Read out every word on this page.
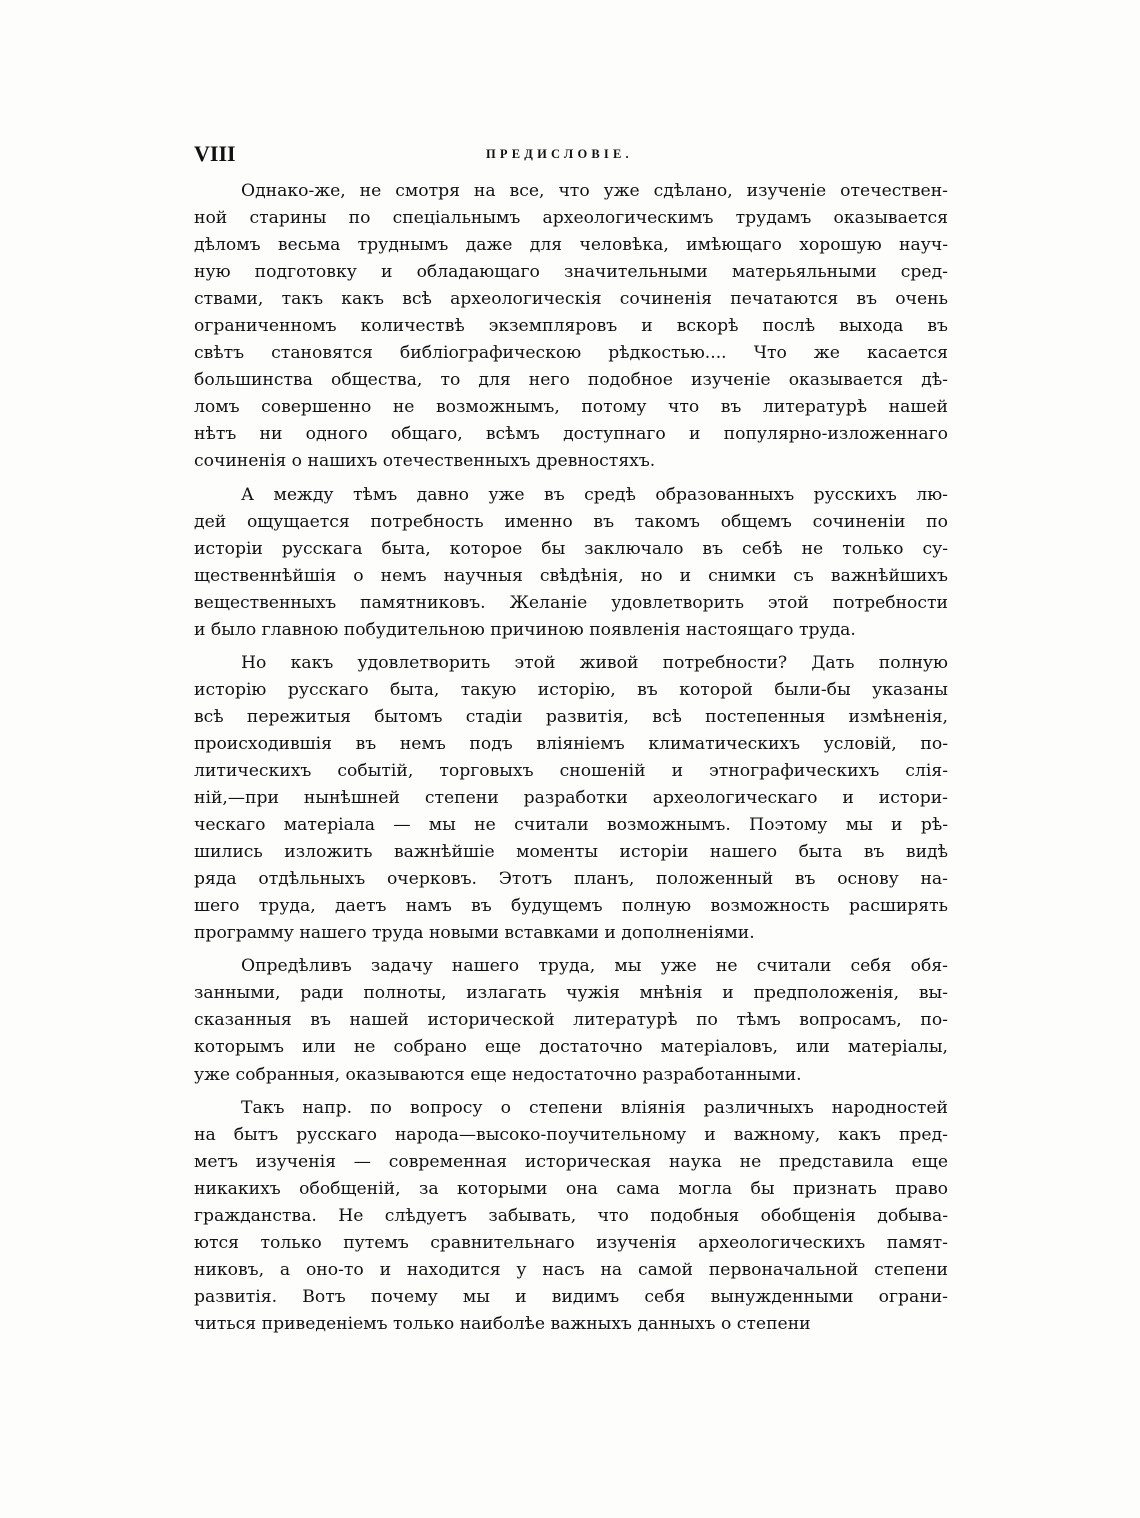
VIII	ПРЕДИСЛОВІЕ.
Однако-же, не смотря на все, что уже сдѣлано, изученіе отечествен-
ной старины по спеціальнымъ археологическимъ трудамъ оказывается
дѣломъ весьма труднымъ даже для человѣка, имѣющаго хорошую науч-
ную подготовку и обладающаго значительными матерьяльными сред-
ствами, такъ какъ всѣ археологическія сочиненія печатаются въ очень
ограниченномъ количествѣ экземпляровъ и вскорѣ послѣ выхода въ
свѣтъ становятся библіографическою рѣдкостью.... Что же касается
большинства общества, то для него подобное изученіе оказывается дѣ-
ломъ совершенно не возможнымъ, потому что въ литературѣ нашей
нѣтъ ни одного общаго, всѣмъ доступнаго и популярно-изложеннаго
сочиненія о нашихъ отечественныхъ древностяхъ.
А между тѣмъ давно уже въ средѣ образованныхъ русскихъ лю-
дей ощущается потребность именно въ такомъ общемъ сочиненіи по
исторіи русскага быта, которое бы заключало въ себѣ не только су-
щественнѣйшія о немъ научныя свѣдѣнія, но и снимки съ важнѣйшихъ
вещественныхъ памятниковъ. Желаніе удовлетворить этой потребности
и было главною побудительною причиною появленія настоящаго труда.
Но какъ удовлетворить этой живой потребности? Дать полную
исторію русскаго быта, такую исторію, въ которой были-бы указаны
всѣ пережитыя бытомъ стадіи развитія, всѣ постепенныя измѣненія,
происходившія въ немъ подъ вліяніемъ климатическихъ условій, по-
литическихъ событій, торговыхъ сношеній и этнографическихъ слія-
ній,—при нынѣшней степени разработки археологическаго и истори-
ческаго матеріала — мы не считали возможнымъ. Поэтому мы и рѣ-
шились изложить важнѣйшіе моменты исторіи нашего быта въ видѣ
ряда отдѣльныхъ очерковъ. Этотъ планъ, положенный въ основу на-
шего труда, даетъ намъ въ будущемъ полную возможность расширять
программу нашего труда новыми вставками и дополненіями.
Опредѣливъ задачу нашего труда, мы уже не считали себя обя-
занными, ради полноты, излагать чужія мнѣнія и предположенія, вы-
сказанныя въ нашей исторической литературѣ по тѣмъ вопросамъ, по-
которымъ или не собрано еще достаточно матеріаловъ, или матеріалы,
уже собранныя, оказываются еще недостаточно разработанными.
Такъ напр. по вопросу о степени вліянія различныхъ народностей
на бытъ русскаго народа—высоко-поучительному и важному, какъ пред-
метъ изученія — современная историческая наука не представила еще
никакихъ обобщеній, за которыми она сама могла бы признать право
гражданства. Не слѣдуетъ забывать, что подобныя обобщенія добыва-
ются только путемъ сравнительнаго изученія археологическихъ памят-
никовъ, а оно-то и находится у насъ на самой первоначальной степени
развитія. Вотъ почему мы и видимъ себя вынужденными ограни-
читься приведеніемъ только наиболѣе важныхъ данныхъ о степени
